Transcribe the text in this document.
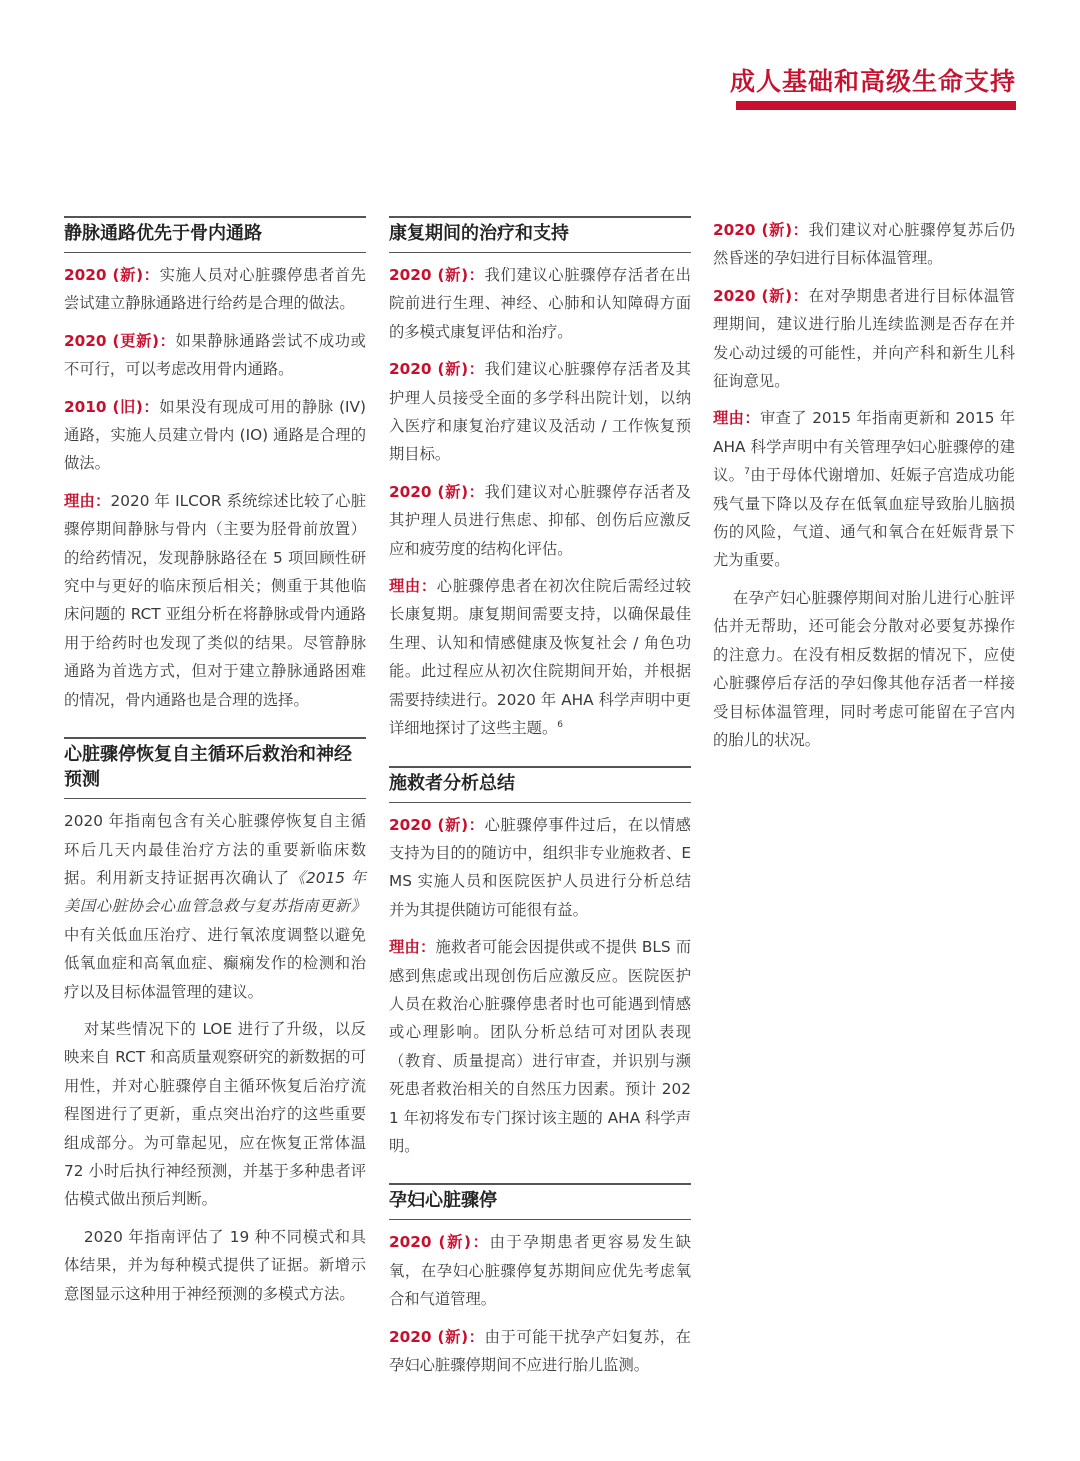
成人基础和高级生命支持
静脉通路优先于骨内通路

2020 (新)：实施人员对心脏骤停患者首先尝试建立静脉通路进行给药是合理的做法。

2020 (更新)：如果静脉通路尝试不成功或不可行，可以考虑改用骨内通路。

2010 (旧)：如果没有现成可用的静脉 (IV) 通路，实施人员建立骨内 (IO) 通路是合理的做法。

理由：2020 年 ILCOR 系统综述比较了心脏骤停期间静脉与骨内（主要为胫骨前放置）的给药情况，发现静脉路径在 5 项回顾性研究中与更好的临床预后相关；侧重于其他临床问题的 RCT 亚组分析在将静脉或骨内通路用于给药时也发现了类似的结果。尽管静脉通路为首选方式，但对于建立静脉通路困难的情况，骨内通路也是合理的选择。

心脏骤停恢复自主循环后救治和神经预测

2020 年指南包含有关心脏骤停恢复自主循环后几天内最佳治疗方法的重要新临床数据。利用新支持证据再次确认了《2015 年美国心脏协会心血管急救与复苏指南更新》中有关低血压治疗、进行氧浓度调整以避免低氧血症和高氧血症、癫痫发作的检测和治疗以及目标体温管理的建议。

对某些情况下的 LOE 进行了升级，以反映来自 RCT 和高质量观察研究的新数据的可用性，并对心脏骤停自主循环恢复后治疗流程图进行了更新，重点突出治疗的这些重要组成部分。为可靠起见，应在恢复正常体温 72 小时后执行神经预测，并基于多种患者评估模式做出预后判断。

2020 年指南评估了 19 种不同模式和具体结果，并为每种模式提供了证据。新增示意图显示这种用于神经预测的多模式方法。

康复期间的治疗和支持

2020 (新)：我们建议心脏骤停存活者在出院前进行生理、神经、心肺和认知障碍方面的多模式康复评估和治疗。

2020 (新)：我们建议心脏骤停存活者及其护理人员接受全面的多学科出院计划，以纳入医疗和康复治疗建议及活动 / 工作恢复预期目标。

2020 (新)：我们建议对心脏骤停存活者及其护理人员进行焦虑、抑郁、创伤后应激反应和疲劳度的结构化评估。

理由：心脏骤停患者在初次住院后需经过较长康复期。康复期间需要支持，以确保最佳生理、认知和情感健康及恢复社会 / 角色功能。此过程应从初次住院期间开始，并根据需要持续进行。2020 年 AHA 科学声明中更详细地探讨了这些主题。$^6$

施救者分析总结

2020 (新)：心脏骤停事件过后，在以情感支持为目的的随访中，组织非专业施救者、EMS 实施人员和医院医护人员进行分析总结并为其提供随访可能很有益。

理由：施救者可能会因提供或不提供 BLS 而感到焦虑或出现创伤后应激反应。医院医护人员在救治心脏骤停患者时也可能遇到情感或心理影响。团队分析总结可对团队表现（教育、质量提高）进行审查，并识别与濒死患者救治相关的自然压力因素。预计 2021 年初将发布专门探讨该主题的 AHA 科学声明。

孕妇心脏骤停

2020 (新)：由于孕期患者更容易发生缺氧，在孕妇心脏骤停复苏期间应优先考虑氧合和气道管理。

2020 (新)：由于可能干扰孕产妇复苏，在孕妇心脏骤停期间不应进行胎儿监测。

2020 (新)：我们建议对心脏骤停复苏后仍然昏迷的孕妇进行目标体温管理。

2020 (新)：在对孕期患者进行目标体温管理期间，建议进行胎儿连续监测是否存在并发心动过缓的可能性，并向产科和新生儿科征询意见。

理由：审查了 2015 年指南更新和 2015 年 AHA 科学声明中有关管理孕妇心脏骤停的建议。$^7$由于母体代谢增加、妊娠子宫造成功能残气量下降以及存在低氧血症导致胎儿脑损伤的风险，气道、通气和氧合在妊娠背景下尤为重要。

在孕产妇心脏骤停期间对胎儿进行心脏评估并无帮助，还可能会分散对必要复苏操作的注意力。在没有相反数据的情况下，应使心脏骤停后存活的孕妇像其他存活者一样接受目标体温管理，同时考虑可能留在子宫内的胎儿的状况。
